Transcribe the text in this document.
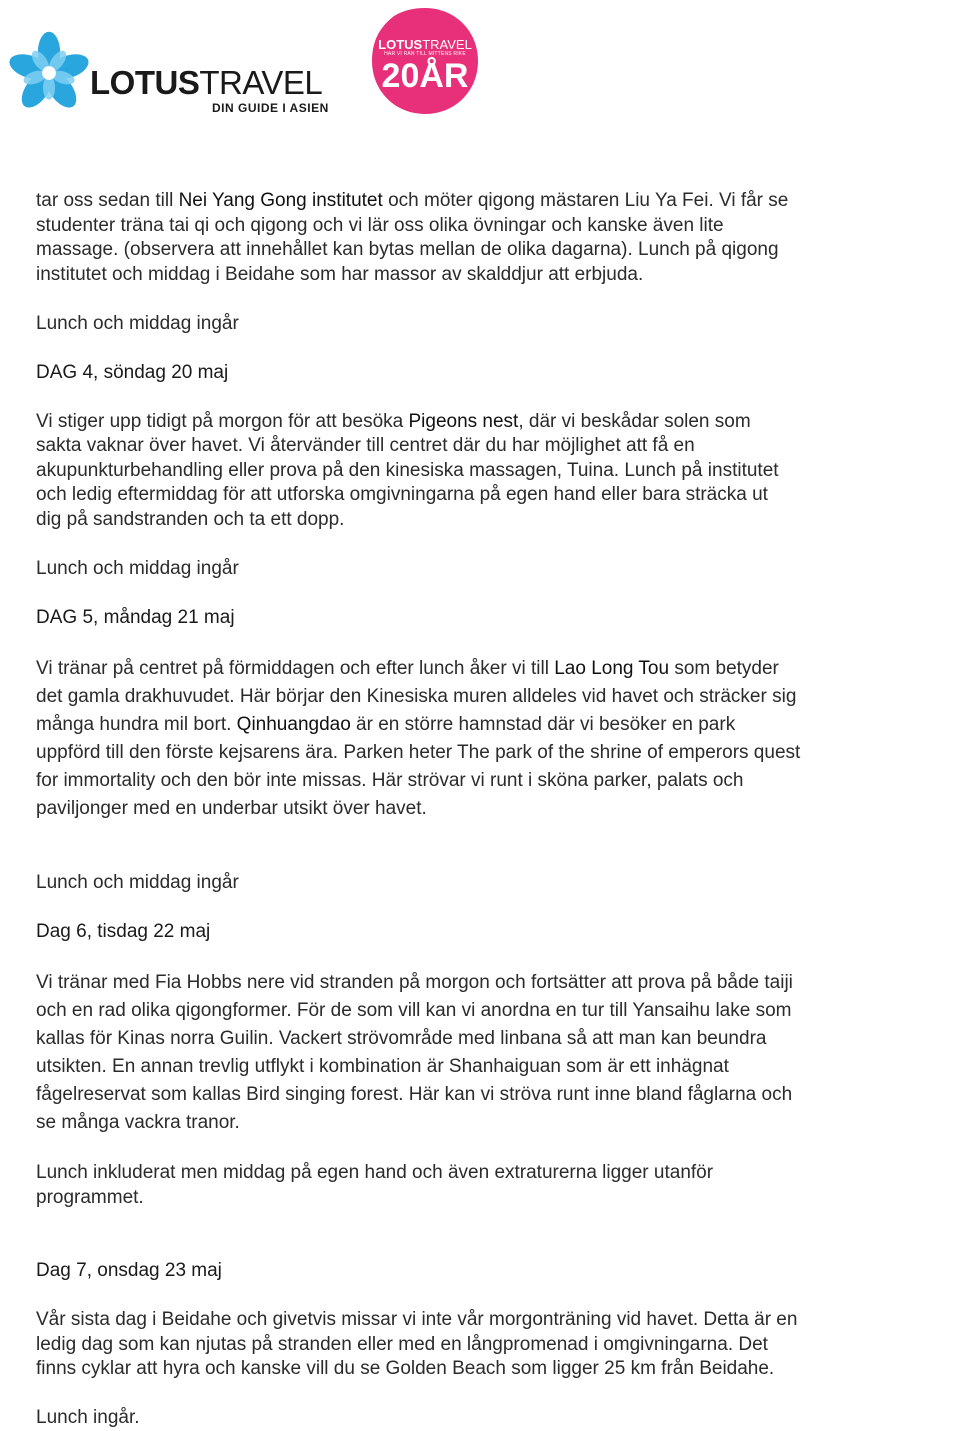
LOTUSTRAVEL
DIN GUIDE I ASIEN
LOTUSTRAVEL
HAR VI RAN TILL MITTENS RIKE
20ÅR
tar oss sedan till Nei Yang Gong institutet och möter qigong mästaren Liu Ya Fei. Vi får se
studenter träna tai qi och qigong och vi lär oss olika övningar och kanske även lite
massage. (observera att innehållet kan bytas mellan de olika dagarna). Lunch på qigong
institutet och middag i Beidahe som har massor av skalddjur att erbjuda.
Lunch och middag ingår
DAG 4, söndag 20 maj
Vi stiger upp tidigt på morgon för att besöka Pigeons nest, där vi beskådar solen som
sakta vaknar över havet. Vi återvänder till centret där du har möjlighet att få en
akupunkturbehandling eller prova på den kinesiska massagen, Tuina. Lunch på institutet
och ledig eftermiddag för att utforska omgivningarna på egen hand eller bara sträcka ut
dig på sandstranden och ta ett dopp.
Lunch och middag ingår
DAG 5, måndag 21 maj
Vi tränar på centret på förmiddagen och efter lunch åker vi till Lao Long Tou som betyder
det gamla drakhuvudet. Här börjar den Kinesiska muren alldeles vid havet och sträcker sig
många hundra mil bort. Qinhuangdao är en större hamnstad där vi besöker en park
uppförd till den förste kejsarens ära. Parken heter The park of the shrine of emperors quest
for immortality och den bör inte missas. Här strövar vi runt i sköna parker, palats och
paviljonger med en underbar utsikt över havet.
Lunch och middag ingår
Dag 6, tisdag 22 maj
Vi tränar med Fia Hobbs nere vid stranden på morgon och fortsätter att prova på både taiji
och en rad olika qigongformer. För de som vill kan vi anordna en tur till Yansaihu lake som
kallas för Kinas norra Guilin. Vackert strövområde med linbana så att man kan beundra
utsikten. En annan trevlig utflykt i kombination är Shanhaiguan som är ett inhägnat
fågelreservat som kallas Bird singing forest. Här kan vi ströva runt inne bland fåglarna och
se många vackra tranor.
Lunch inkluderat men middag på egen hand och även extraturerna ligger utanför
programmet.
Dag 7, onsdag 23 maj
Vår sista dag i Beidahe och givetvis missar vi inte vår morgonträning vid havet. Detta är en
ledig dag som kan njutas på stranden eller med en långpromenad i omgivningarna. Det
finns cyklar att hyra och kanske vill du se Golden Beach som ligger 25 km från Beidahe.
Lunch ingår.
